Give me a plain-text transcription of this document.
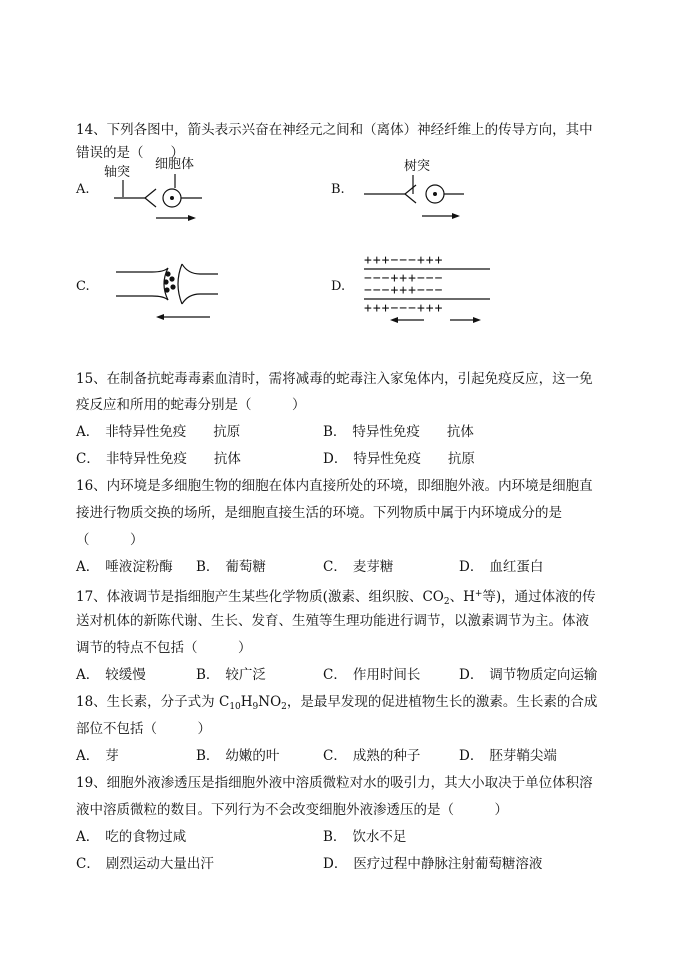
14、下列各图中，箭头表示兴奋在神经元之间和（离体）神经纤维上的传导方向，其中
错误的是（　　）
A.
轴突
细胞体
B.
树突
C.	D.
+++−−−+++
−−−+++−−−
−−−+++−−−
+++−−−+++
15、在制备抗蛇毒毒素血清时，需将减毒的蛇毒注入家兔体内，引起免疫反应，这一免
疫反应和所用的蛇毒分别是（　　　）
A． 非特异性免疫　　抗原	B． 特异性免疫　　抗体
C． 非特异性免疫　　抗体	D． 特异性免疫　　抗原
16、内环境是多细胞生物的细胞在体内直接所处的环境，即细胞外液。内环境是细胞直
接进行物质交换的场所，是细胞直接生活的环境。下列物质中属于内环境成分的是
（　　　）
A． 唾液淀粉酶 B． 葡萄糖	C． 麦芽糖	D． 血红蛋白
17、体液调节是指细胞产生某些化学物质(激素、组织胺、$CO_2$、H+等)，通过体液的传
送对机体的新陈代谢、生长、发育、生殖等生理功能进行调节，以激素调节为主。体液
调节的特点不包括（　　　）
A． 较缓慢	B． 较广泛	C． 作用时间长	D． 调节物质定向运输
18、生长素，分子式为 $C_{10}H_9NO_2$，是最早发现的促进植物生长的激素。生长素的合成
部位不包括（　　　）
A． 芽	B． 幼嫩的叶	C． 成熟的种子	D． 胚芽鞘尖端
19、细胞外液渗透压是指细胞外液中溶质微粒对水的吸引力，其大小取决于单位体积溶
液中溶质微粒的数目。下列行为不会改变细胞外液渗透压的是（　　　）
A． 吃的食物过咸	B． 饮水不足
C． 剧烈运动大量出汗	D． 医疗过程中静脉注射葡萄糖溶液
